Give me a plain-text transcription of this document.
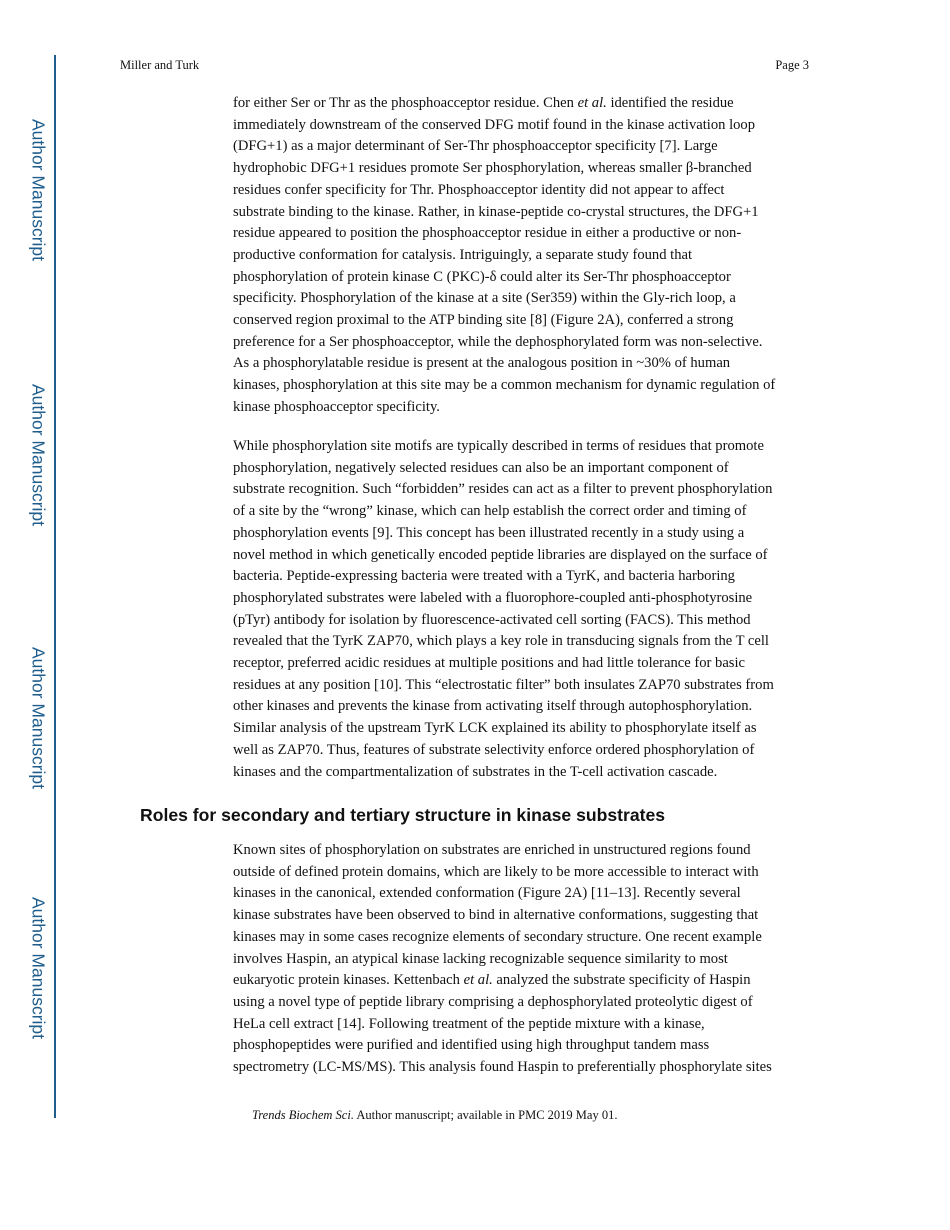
Author Manuscript
Author Manuscript
Author Manuscript
Author Manuscript
Miller and Turk	Page 3
for either Ser or Thr as the phosphoacceptor residue. Chen et al. identified the residue
immediately downstream of the conserved DFG motif found in the kinase activation loop
(DFG+1) as a major determinant of Ser-Thr phosphoacceptor specificity [7]. Large
hydrophobic DFG+1 residues promote Ser phosphorylation, whereas smaller β-branched
residues confer specificity for Thr. Phosphoacceptor identity did not appear to affect
substrate binding to the kinase. Rather, in kinase-peptide co-crystal structures, the DFG+1
residue appeared to position the phosphoacceptor residue in either a productive or non-
productive conformation for catalysis. Intriguingly, a separate study found that
phosphorylation of protein kinase C (PKC)-δ could alter its Ser-Thr phosphoacceptor
specificity. Phosphorylation of the kinase at a site (Ser359) within the Gly-rich loop, a
conserved region proximal to the ATP binding site [8] (Figure 2A), conferred a strong
preference for a Ser phosphoacceptor, while the dephosphorylated form was non-selective.
As a phosphorylatable residue is present at the analogous position in ~30% of human
kinases, phosphorylation at this site may be a common mechanism for dynamic regulation of
kinase phosphoacceptor specificity.
While phosphorylation site motifs are typically described in terms of residues that promote
phosphorylation, negatively selected residues can also be an important component of
substrate recognition. Such “forbidden” resides can act as a filter to prevent phosphorylation
of a site by the “wrong” kinase, which can help establish the correct order and timing of
phosphorylation events [9]. This concept has been illustrated recently in a study using a
novel method in which genetically encoded peptide libraries are displayed on the surface of
bacteria. Peptide-expressing bacteria were treated with a TyrK, and bacteria harboring
phosphorylated substrates were labeled with a fluorophore-coupled anti-phosphotyrosine
(pTyr) antibody for isolation by fluorescence-activated cell sorting (FACS). This method
revealed that the TyrK ZAP70, which plays a key role in transducing signals from the T cell
receptor, preferred acidic residues at multiple positions and had little tolerance for basic
residues at any position [10]. This “electrostatic filter” both insulates ZAP70 substrates from
other kinases and prevents the kinase from activating itself through autophosphorylation.
Similar analysis of the upstream TyrK LCK explained its ability to phosphorylate itself as
well as ZAP70. Thus, features of substrate selectivity enforce ordered phosphorylation of
kinases and the compartmentalization of substrates in the T-cell activation cascade.
Roles for secondary and tertiary structure in kinase substrates
Known sites of phosphorylation on substrates are enriched in unstructured regions found
outside of defined protein domains, which are likely to be more accessible to interact with
kinases in the canonical, extended conformation (Figure 2A) [11–13]. Recently several
kinase substrates have been observed to bind in alternative conformations, suggesting that
kinases may in some cases recognize elements of secondary structure. One recent example
involves Haspin, an atypical kinase lacking recognizable sequence similarity to most
eukaryotic protein kinases. Kettenbach et al. analyzed the substrate specificity of Haspin
using a novel type of peptide library comprising a dephosphorylated proteolytic digest of
HeLa cell extract [14]. Following treatment of the peptide mixture with a kinase,
phosphopeptides were purified and identified using high throughput tandem mass
spectrometry (LC-MS/MS). This analysis found Haspin to preferentially phosphorylate sites
Trends Biochem Sci. Author manuscript; available in PMC 2019 May 01.
